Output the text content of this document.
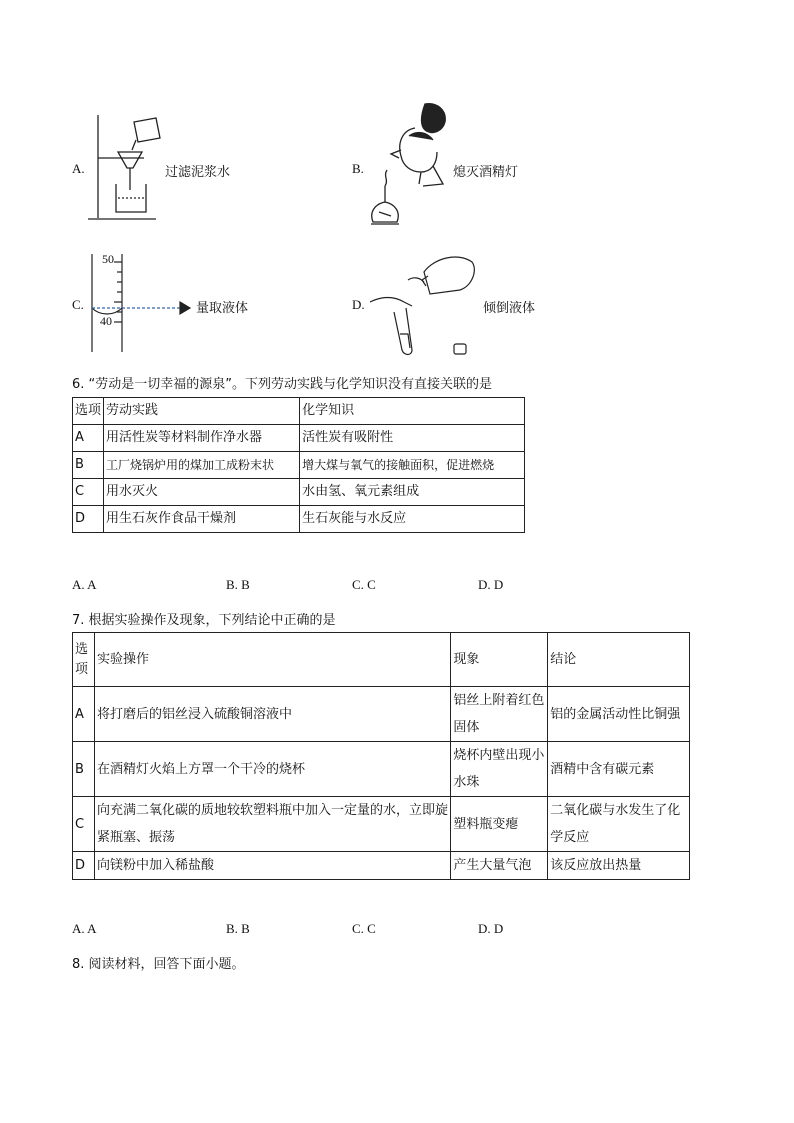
A.	过滤泥浆水	B.	熄灭酒精灯
C.
50
40
量取液体	D.	倾倒液体
6. “劳动是一切幸福的源泉”。下列劳动实践与化学知识没有直接关联的是
选项	劳动实践	化学知识
A	用活性炭等材料制作净水器	活性炭有吸附性
B	工厂烧锅炉用的煤加工成粉末状	增大煤与氧气的接触面积，促进燃烧
C	用水灭火	水由氢、氧元素组成
D	用生石灰作食品干燥剂	生石灰能与水反应
A. A	B. B	C. C	D. D
7. 根据实验操作及现象，下列结论中正确的是
选项	实验操作	现象	结论
A	将打磨后的铝丝浸入硫酸铜溶液中	铝丝上附着红色固体	铝的金属活动性比铜强
B	在酒精灯火焰上方罩一个干冷的烧杯	烧杯内壁出现小水珠	酒精中含有碳元素
C	向充满二氧化碳的质地较软塑料瓶中加入一定量的水，立即旋紧瓶塞、振荡	塑料瓶变瘪	二氧化碳与水发生了化学反应
D	向镁粉中加入稀盐酸	产生大量气泡	该反应放出热量
A. A	B. B	C. C	D. D
8. 阅读材料，回答下面小题。
